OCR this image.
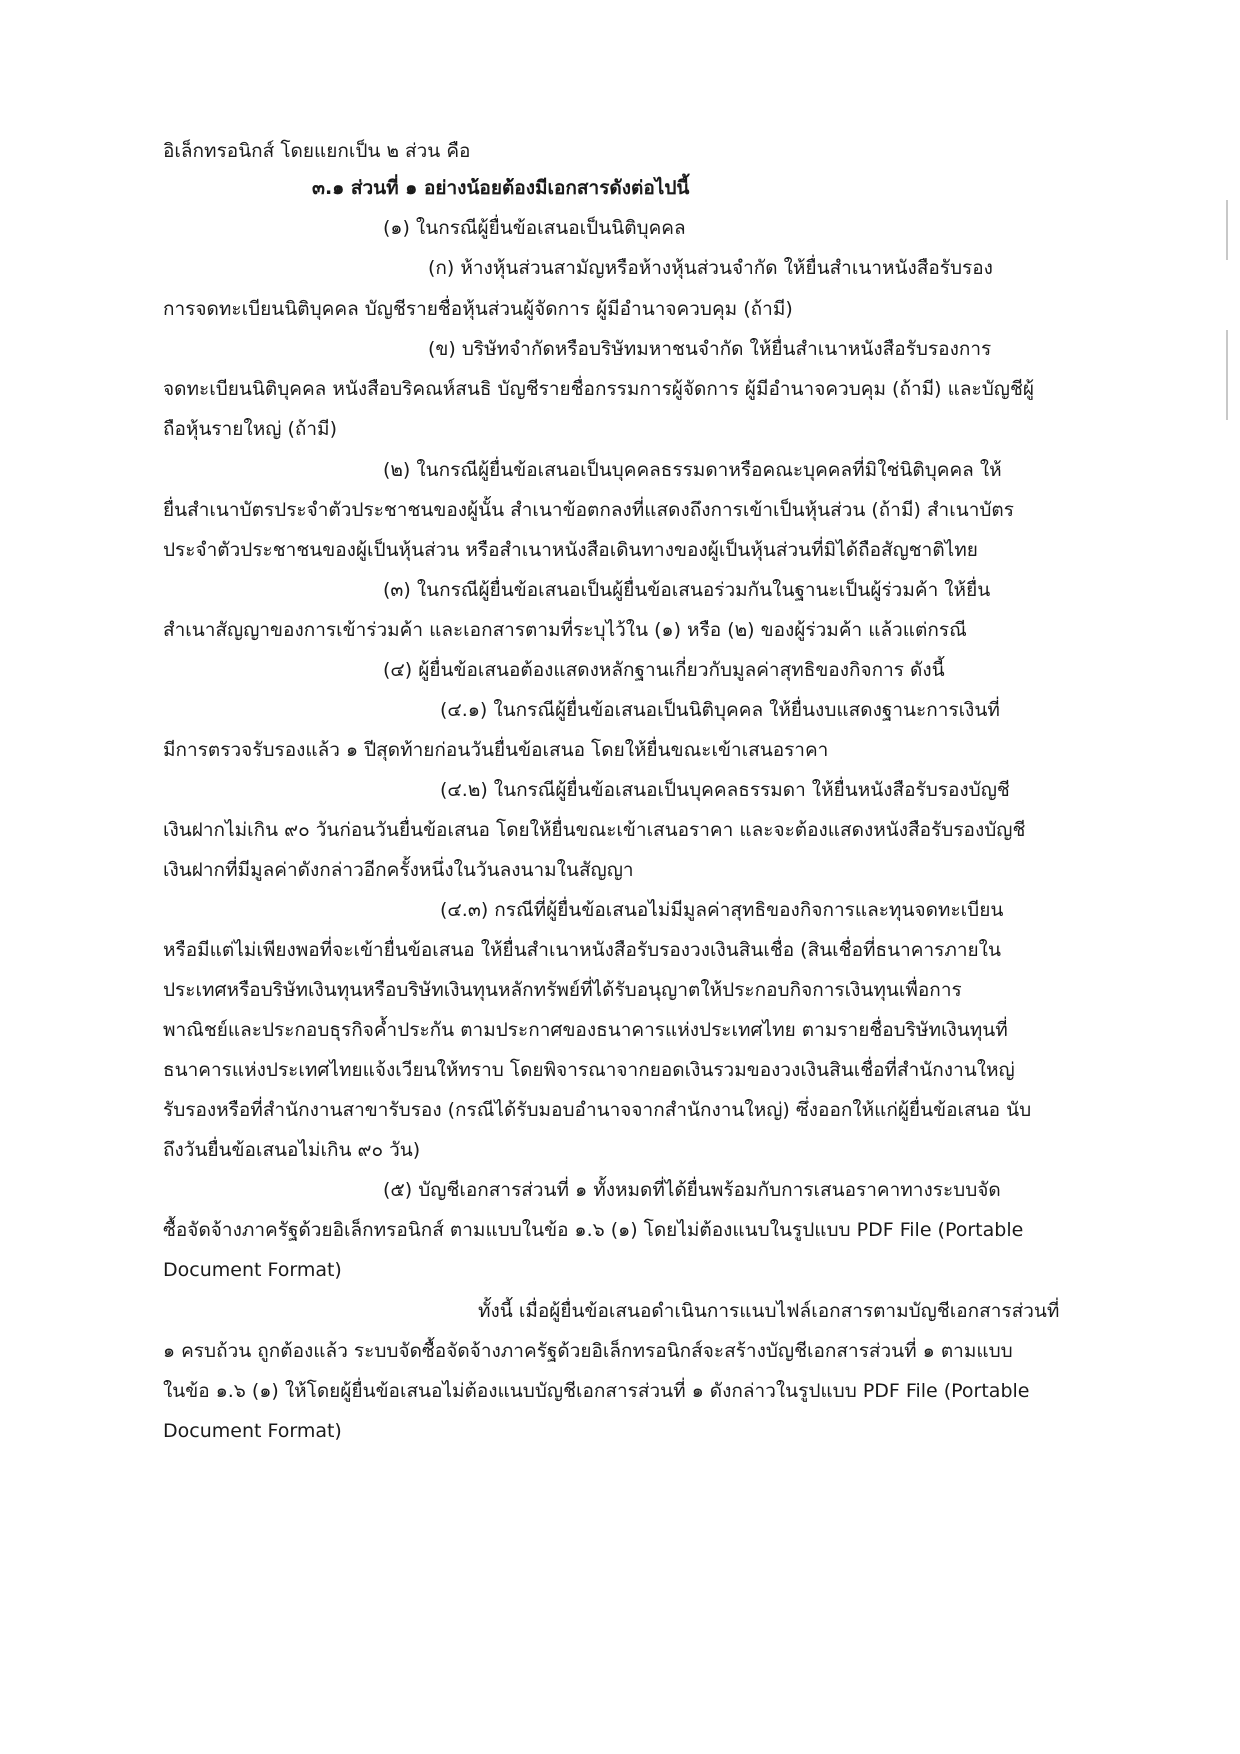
อิเล็กทรอนิกส์ โดยแยกเป็น ๒ ส่วน คือ
๓.๑ ส่วนที่ ๑ อย่างน้อยต้องมีเอกสารดังต่อไปนี้
(๑) ในกรณีผู้ยื่นข้อเสนอเป็นนิติบุคคล
(ก) ห้างหุ้นส่วนสามัญหรือห้างหุ้นส่วนจำกัด ให้ยื่นสำเนาหนังสือรับรอง
การจดทะเบียนนิติบุคคล บัญชีรายชื่อหุ้นส่วนผู้จัดการ ผู้มีอำนาจควบคุม (ถ้ามี)
(ข) บริษัทจำกัดหรือบริษัทมหาชนจำกัด ให้ยื่นสำเนาหนังสือรับรองการ
จดทะเบียนนิติบุคคล หนังสือบริคณห์สนธิ บัญชีรายชื่อกรรมการผู้จัดการ ผู้มีอำนาจควบคุม (ถ้ามี) และบัญชีผู้
ถือหุ้นรายใหญ่ (ถ้ามี)
(๒) ในกรณีผู้ยื่นข้อเสนอเป็นบุคคลธรรมดาหรือคณะบุคคลที่มิใช่นิติบุคคล ให้
ยื่นสำเนาบัตรประจำตัวประชาชนของผู้นั้น สำเนาข้อตกลงที่แสดงถึงการเข้าเป็นหุ้นส่วน (ถ้ามี) สำเนาบัตร
ประจำตัวประชาชนของผู้เป็นหุ้นส่วน หรือสำเนาหนังสือเดินทางของผู้เป็นหุ้นส่วนที่มิได้ถือสัญชาติไทย
(๓) ในกรณีผู้ยื่นข้อเสนอเป็นผู้ยื่นข้อเสนอร่วมกันในฐานะเป็นผู้ร่วมค้า ให้ยื่น
สำเนาสัญญาของการเข้าร่วมค้า และเอกสารตามที่ระบุไว้ใน (๑) หรือ (๒) ของผู้ร่วมค้า แล้วแต่กรณี
(๔) ผู้ยื่นข้อเสนอต้องแสดงหลักฐานเกี่ยวกับมูลค่าสุทธิของกิจการ ดังนี้
(๔.๑) ในกรณีผู้ยื่นข้อเสนอเป็นนิติบุคคล ให้ยื่นงบแสดงฐานะการเงินที่
มีการตรวจรับรองแล้ว ๑ ปีสุดท้ายก่อนวันยื่นข้อเสนอ โดยให้ยื่นขณะเข้าเสนอราคา
(๔.๒) ในกรณีผู้ยื่นข้อเสนอเป็นบุคคลธรรมดา ให้ยื่นหนังสือรับรองบัญชี
เงินฝากไม่เกิน ๙๐ วันก่อนวันยื่นข้อเสนอ โดยให้ยื่นขณะเข้าเสนอราคา และจะต้องแสดงหนังสือรับรองบัญชี
เงินฝากที่มีมูลค่าดังกล่าวอีกครั้งหนึ่งในวันลงนามในสัญญา
(๔.๓) กรณีที่ผู้ยื่นข้อเสนอไม่มีมูลค่าสุทธิของกิจการและทุนจดทะเบียน
หรือมีแต่ไม่เพียงพอที่จะเข้ายื่นข้อเสนอ ให้ยื่นสำเนาหนังสือรับรองวงเงินสินเชื่อ (สินเชื่อที่ธนาคารภายใน
ประเทศหรือบริษัทเงินทุนหรือบริษัทเงินทุนหลักทรัพย์ที่ได้รับอนุญาตให้ประกอบกิจการเงินทุนเพื่อการ
พาณิชย์และประกอบธุรกิจค้ำประกัน ตามประกาศของธนาคารแห่งประเทศไทย ตามรายชื่อบริษัทเงินทุนที่
ธนาคารแห่งประเทศไทยแจ้งเวียนให้ทราบ โดยพิจารณาจากยอดเงินรวมของวงเงินสินเชื่อที่สำนักงานใหญ่
รับรองหรือที่สำนักงานสาขารับรอง (กรณีได้รับมอบอำนาจจากสำนักงานใหญ่) ซึ่งออกให้แก่ผู้ยื่นข้อเสนอ นับ
ถึงวันยื่นข้อเสนอไม่เกิน ๙๐ วัน)
(๕) บัญชีเอกสารส่วนที่ ๑ ทั้งหมดที่ได้ยื่นพร้อมกับการเสนอราคาทางระบบจัด
ซื้อจัดจ้างภาครัฐด้วยอิเล็กทรอนิกส์ ตามแบบในข้อ ๑.๖ (๑) โดยไม่ต้องแนบในรูปแบบ PDF File (Portable
Document Format)
ทั้งนี้ เมื่อผู้ยื่นข้อเสนอดำเนินการแนบไฟล์เอกสารตามบัญชีเอกสารส่วนที่
๑ ครบถ้วน ถูกต้องแล้ว ระบบจัดซื้อจัดจ้างภาครัฐด้วยอิเล็กทรอนิกส์จะสร้างบัญชีเอกสารส่วนที่ ๑ ตามแบบ
ในข้อ ๑.๖ (๑) ให้โดยผู้ยื่นข้อเสนอไม่ต้องแนบบัญชีเอกสารส่วนที่ ๑ ดังกล่าวในรูปแบบ PDF File (Portable
Document Format)
